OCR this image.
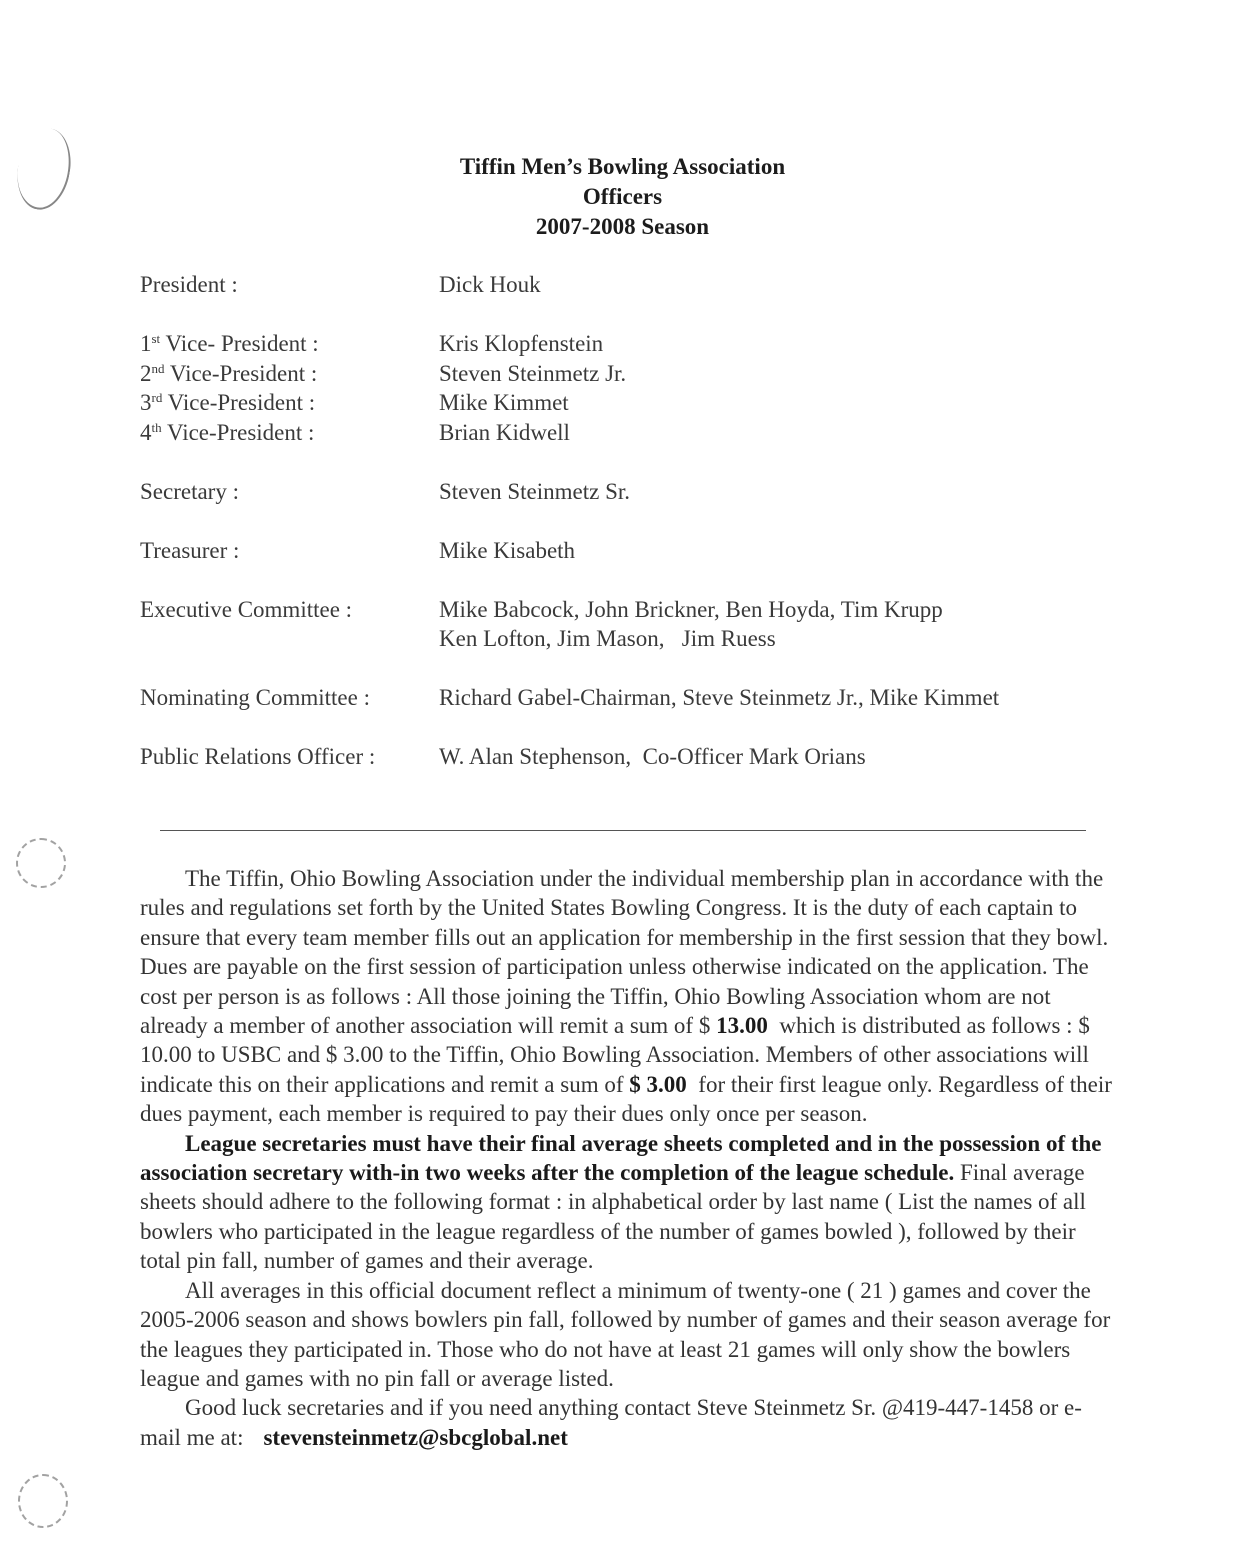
Tiffin Men’s Bowling Association
Officers
2007-2008 Season
President :	Dick Houk
1st Vice- President :	Kris Klopfenstein
2nd Vice-President :	Steven Steinmetz Jr.
3rd Vice-President :	Mike Kimmet
4th Vice-President :	Brian Kidwell
Secretary :	Steven Steinmetz Sr.
Treasurer :	Mike Kisabeth
Executive Committee :	Mike Babcock, John Brickner, Ben Hoyda, Tim Krupp
Ken Lofton, Jim Mason,   Jim Ruess
Nominating Committee :	Richard Gabel-Chairman, Steve Steinmetz Jr., Mike Kimmet
Public Relations Officer :	W. Alan Stephenson,  Co-Officer Mark Orians

The Tiffin, Ohio Bowling Association under the individual membership plan in accordance with the rules and regulations set forth by the United States Bowling Congress. It is the duty of each captain to ensure that every team member fills out an application for membership in the first session that they bowl. Dues are payable on the first session of participation unless otherwise indicated on the application. The cost per person is as follows : All those joining the Tiffin, Ohio Bowling Association whom are not already a member of another association will remit a sum of $ 13.00  which is distributed as follows : $ 10.00 to USBC and $ 3.00 to the Tiffin, Ohio Bowling Association. Members of other associations will indicate this on their applications and remit a sum of $ 3.00  for their first league only. Regardless of their dues payment, each member is required to pay their dues only once per season.

League secretaries must have their final average sheets completed and in the possession of the association secretary with-in two weeks after the completion of the league schedule. Final average sheets should adhere to the following format : in alphabetical order by last name ( List the names of all bowlers who participated in the league regardless of the number of games bowled ), followed by their total pin fall, number of games and their average.

All averages in this official document reflect a minimum of twenty-one ( 21 ) games and cover the 2005-2006 season and shows bowlers pin fall, followed by number of games and their season average for the leagues they participated in. Those who do not have at least 21 games will only show the bowlers league and games with no pin fall or average listed.

Good luck secretaries and if you need anything contact Steve Steinmetz Sr. @419-447-1458 or e-mail me at: stevensteinmetz@sbcglobal.net
